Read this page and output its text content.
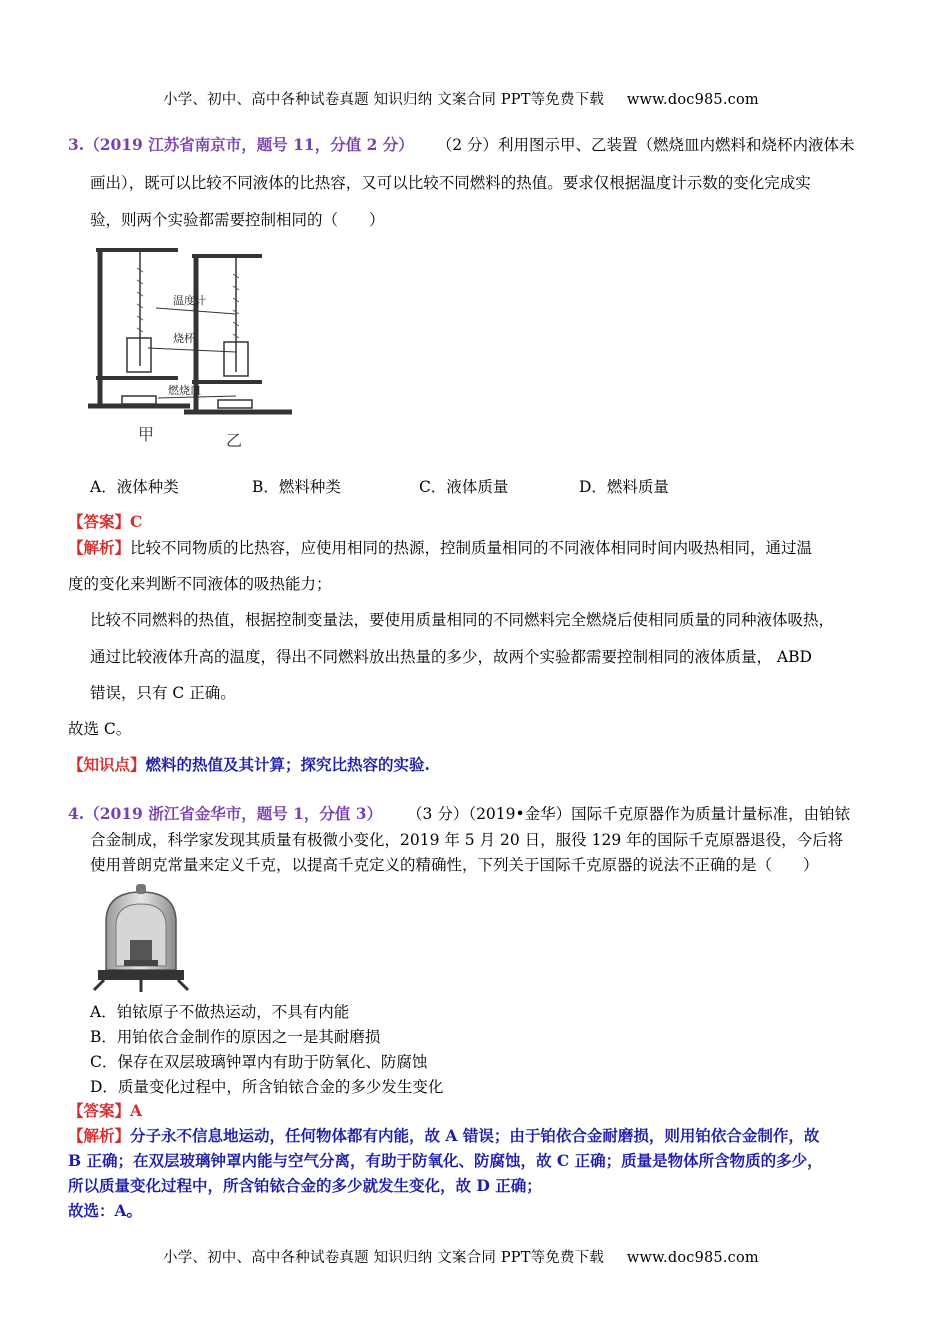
小学、初中、高中各种试卷真题 知识归纳 文案合同 PPT等免费下载 www.doc985.com
3.（2019 江苏省南京市，题号 11，分值 2 分） （2 分）利用图示甲、乙装置（燃烧皿内燃料和烧杯内液体未
画出），既可以比较不同液体的比热容，又可以比较不同燃料的热值。要求仅根据温度计示数的变化完成实
验，则两个实验都需要控制相同的（　　）
温度计
烧杯
燃烧皿
甲	乙
A．液体种类	B．燃料种类	C．液体质量	D．燃料质量
【答案】C
【解析】比较不同物质的比热容，应使用相同的热源，控制质量相同的不同液体相同时间内吸热相同，通过温
度的变化来判断不同液体的吸热能力；
比较不同燃料的热值，根据控制变量法，要使用质量相同的不同燃料完全燃烧后使相同质量的同种液体吸热，
通过比较液体升高的温度，得出不同燃料放出热量的多少，故两个实验都需要控制相同的液体质量， ABD
错误，只有 C 正确。
故选 C。
【知识点】燃料的热值及其计算；探究比热容的实验.
4.（2019 浙江省金华市，题号 1，分值 3） （3 分）（2019•金华）国际千克原器作为质量计量标准，由铂铱
合金制成，科学家发现其质量有极微小变化，2019 年 5 月 20 日，服役 129 年的国际千克原器退役，今后将
使用普朗克常量来定义千克，以提高千克定义的精确性，下列关于国际千克原器的说法不正确的是（　　）
A．铂铱原子不做热运动，不具有内能
B．用铂依合金制作的原因之一是其耐磨损
C．保存在双层玻璃钟罩内有助于防氧化、防腐蚀
D．质量变化过程中，所含铂铱合金的多少发生变化
【答案】A
【解析】分子永不信息地运动，任何物体都有内能，故 A 错误；由于铂依合金耐磨损，则用铂依合金制作，故
B 正确；在双层玻璃钟罩内能与空气分离，有助于防氧化、防腐蚀，故 C 正确；质量是物体所含物质的多少，
所以质量变化过程中，所含铂铱合金的多少就发生变化，故 D 正确；
故选：A。
小学、初中、高中各种试卷真题 知识归纳 文案合同 PPT等免费下载 www.doc985.com
